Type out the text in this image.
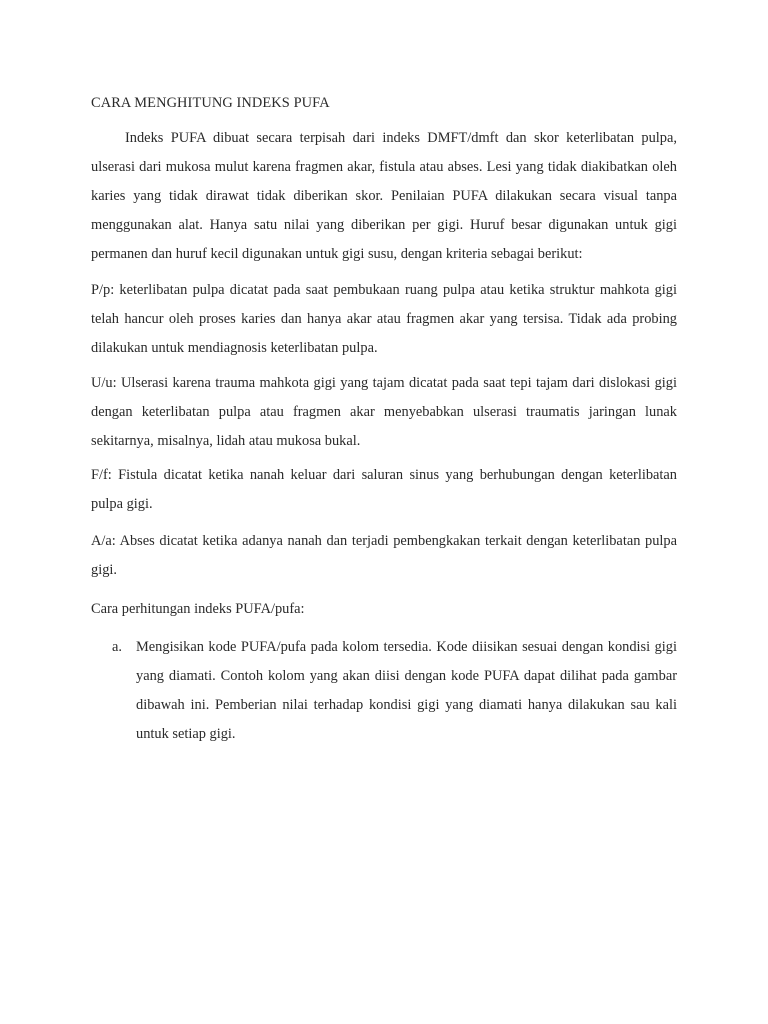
CARA MENGHITUNG INDEKS PUFA

Indeks PUFA dibuat secara terpisah dari indeks DMFT/dmft dan skor keterlibatan pulpa, ulserasi dari mukosa mulut karena fragmen akar, fistula atau abses. Lesi yang tidak diakibatkan oleh karies yang tidak dirawat tidak diberikan skor. Penilaian PUFA dilakukan secara visual tanpa menggunakan alat. Hanya satu nilai yang diberikan per gigi. Huruf besar digunakan untuk gigi permanen dan huruf kecil digunakan untuk gigi susu, dengan kriteria sebagai berikut:

P/p: keterlibatan pulpa dicatat pada saat pembukaan ruang pulpa atau ketika struktur mahkota gigi telah hancur oleh proses karies dan hanya akar atau fragmen akar yang tersisa. Tidak ada probing dilakukan untuk mendiagnosis keterlibatan pulpa.

U/u: Ulserasi karena trauma mahkota gigi yang tajam dicatat pada saat tepi tajam dari dislokasi gigi dengan keterlibatan pulpa atau fragmen akar menyebabkan ulserasi traumatis jaringan lunak sekitarnya, misalnya, lidah atau mukosa bukal.

F/f: Fistula dicatat ketika nanah keluar dari saluran sinus yang berhubungan dengan keterlibatan pulpa gigi.

A/a: Abses dicatat ketika adanya nanah dan terjadi pembengkakan terkait dengan keterlibatan pulpa gigi.

Cara perhitungan indeks PUFA/pufa:

a. Mengisikan kode PUFA/pufa pada kolom tersedia. Kode diisikan sesuai dengan kondisi gigi yang diamati. Contoh kolom yang akan diisi dengan kode PUFA dapat dilihat pada gambar dibawah ini. Pemberian nilai terhadap kondisi gigi yang diamati hanya dilakukan sau kali untuk setiap gigi.
